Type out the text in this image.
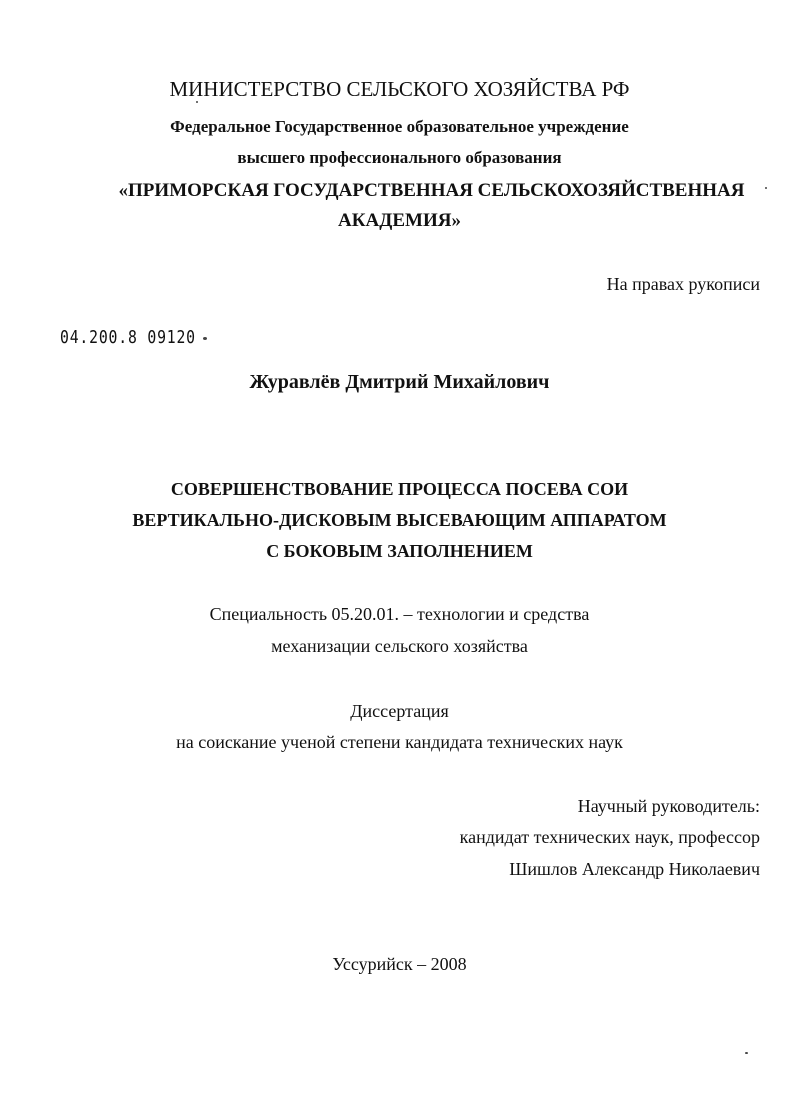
МИНИСТЕРСТВО СЕЛЬСКОГО ХОЗЯЙСТВА РФ
Федеральное Государственное образовательное учреждение
высшего профессионального образования
«ПРИМОРСКАЯ ГОСУДАРСТВЕННАЯ СЕЛЬСКОХОЗЯЙСТВЕННАЯ
АКАДЕМИЯ»
На правах рукописи
04.200.8 09120
Журавлёв Дмитрий Михайлович
СОВЕРШЕНСТВОВАНИЕ ПРОЦЕССА ПОСЕВА СОИ
ВЕРТИКАЛЬНО-ДИСКОВЫМ ВЫСЕВАЮЩИМ АППАРАТОМ
С БОКОВЫМ ЗАПОЛНЕНИЕМ
Специальность 05.20.01. – технологии и средства
механизации сельского хозяйства
Диссертация
на соискание ученой степени кандидата технических наук
Научный руководитель:
кандидат технических наук, профессор
Шишлов Александр Николаевич
Уссурийск – 2008
